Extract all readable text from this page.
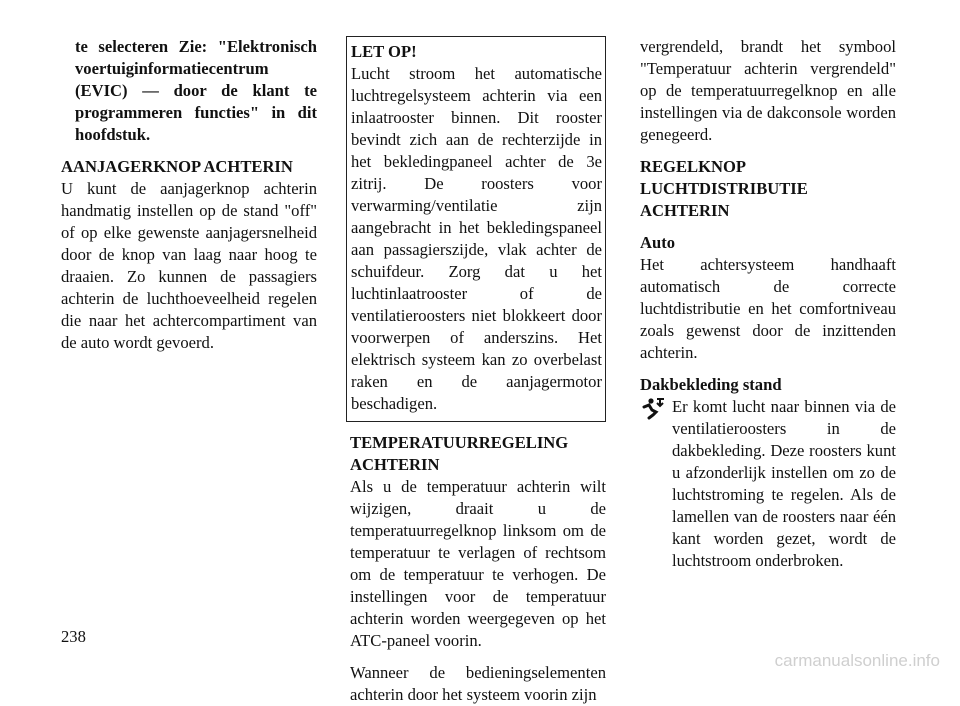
te selecteren Zie: "Elektronisch voertuiginformatiecentrum (EVIC) — door de klant te programmeren functies" in dit hoofdstuk.

AANJAGERKNOP ACHTERIN

U kunt de aanjagerknop achterin handmatig instellen op de stand "off" of op elke gewenste aanjagersnelheid door de knop van laag naar hoog te draaien. Zo kunnen de passagiers achterin de luchthoeveelheid regelen die naar het achtercompartiment van de auto wordt gevoerd.

LET OP!

Lucht stroom het automatische luchtregelsysteem achterin via een inlaatrooster binnen. Dit rooster bevindt zich aan de rechterzijde in het bekledingpaneel achter de 3e zitrij. De roosters voor verwarming/ventilatie zijn aangebracht in het bekledingspaneel aan passagierszijde, vlak achter de schuifdeur. Zorg dat u het luchtinlaatrooster of de ventilatieroosters niet blokkeert door voorwerpen of anderszins. Het elektrisch systeem kan zo overbelast raken en de aanjagermotor beschadigen.

TEMPERATUURREGELING ACHTERIN

Als u de temperatuur achterin wilt wijzigen, draait u de temperatuurregelknop linksom om de temperatuur te verlagen of rechtsom om de temperatuur te verhogen. De instellingen voor de temperatuur achterin worden weergegeven op het ATC-paneel voorin.

Wanneer de bedieningselementen achterin door het systeem voorin zijn

vergrendeld, brandt het symbool "Temperatuur achterin vergrendeld" op de temperatuurregelknop en alle instellingen via de dakconsole worden genegeerd.

REGELKNOP LUCHTDISTRIBUTIE ACHTERIN
Auto

Het achtersysteem handhaaft automatisch de correcte luchtdistributie en het comfortniveau zoals gewenst door de inzittenden achterin.

Dakbekleding stand

Er komt lucht naar binnen via de ventilatieroosters in de dakbekleding. Deze roosters kunt u afzonderlijk instellen om zo de luchtstroming te regelen. Als de lamellen van de roosters naar één kant worden gezet, wordt de luchtstroom onderbroken.

238
carmanualsonline.info
